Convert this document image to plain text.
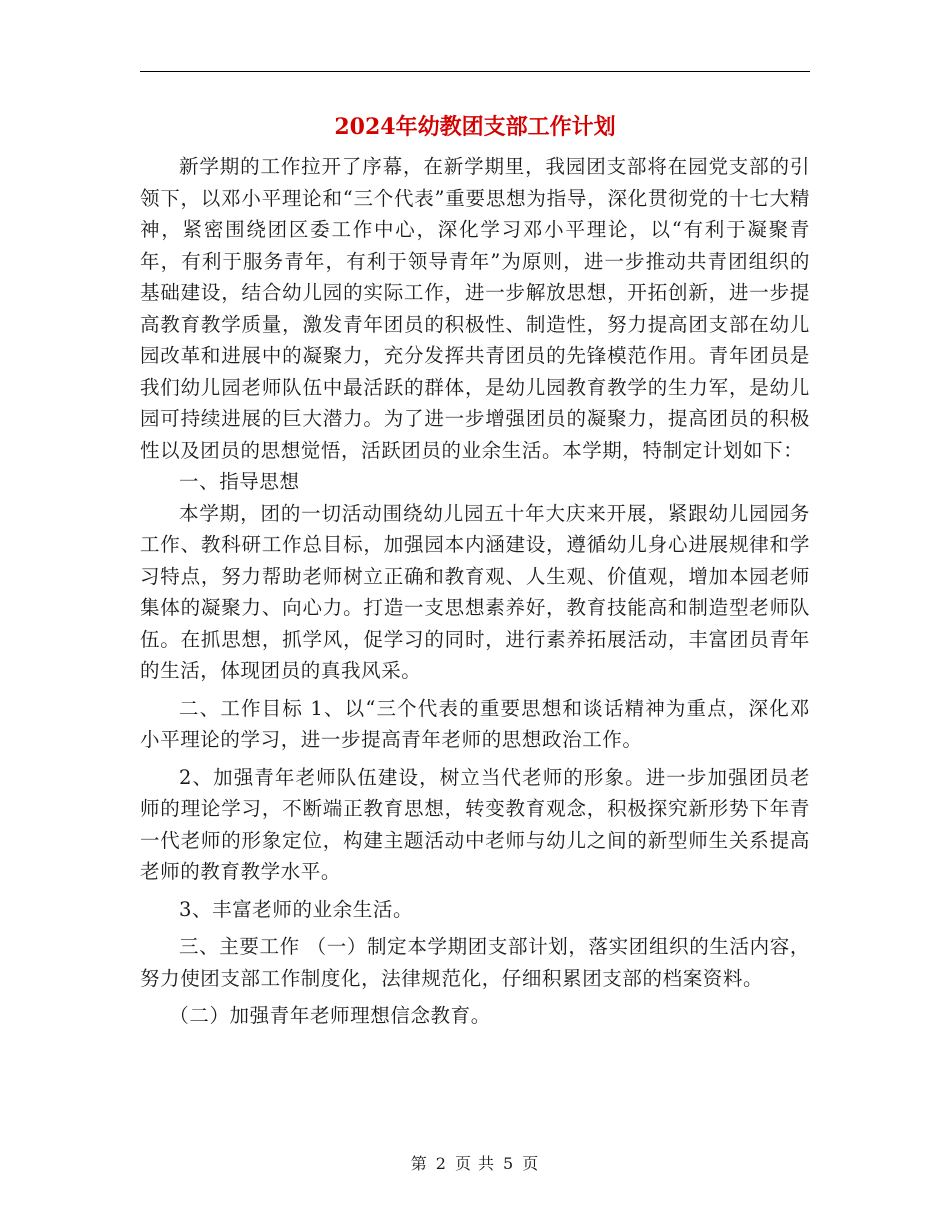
2024年幼教团支部工作计划

新学期的工作拉开了序幕，在新学期里，我园团支部将在园党支部的引领下，以邓小平理论和“三个代表”重要思想为指导，深化贯彻党的十七大精神，紧密围绕团区委工作中心，深化学习邓小平理论，以“有利于凝聚青年，有利于服务青年，有利于领导青年”为原则，进一步推动共青团组织的基础建设，结合幼儿园的实际工作，进一步解放思想，开拓创新，进一步提高教育教学质量，激发青年团员的积极性、制造性，努力提高团支部在幼儿园改革和进展中的凝聚力，充分发挥共青团员的先锋模范作用。青年团员是我们幼儿园老师队伍中最活跃的群体，是幼儿园教育教学的生力军，是幼儿园可持续进展的巨大潜力。为了进一步增强团员的凝聚力，提高团员的积极性以及团员的思想觉悟，活跃团员的业余生活。本学期，特制定计划如下：

一、指导思想

本学期，团的一切活动围绕幼儿园五十年大庆来开展，紧跟幼儿园园务工作、教科研工作总目标，加强园本内涵建设，遵循幼儿身心进展规律和学习特点，努力帮助老师树立正确和教育观、人生观、价值观，增加本园老师集体的凝聚力、向心力。打造一支思想素养好，教育技能高和制造型老师队伍。在抓思想，抓学风，促学习的同时，进行素养拓展活动，丰富团员青年的生活，体现团员的真我风采。

二、工作目标 1、以“三个代表的重要思想和谈话精神为重点，深化邓小平理论的学习，进一步提高青年老师的思想政治工作。

2、加强青年老师队伍建设，树立当代老师的形象。进一步加强团员老师的理论学习，不断端正教育思想，转变教育观念，积极探究新形势下年青一代老师的形象定位，构建主题活动中老师与幼儿之间的新型师生关系提高老师的教育教学水平。

3、丰富老师的业余生活。

三、主要工作 （一）制定本学期团支部计划，落实团组织的生活内容，努力使团支部工作制度化，法律规范化，仔细积累团支部的档案资料。

（二）加强青年老师理想信念教育。

第 2 页 共 5 页
